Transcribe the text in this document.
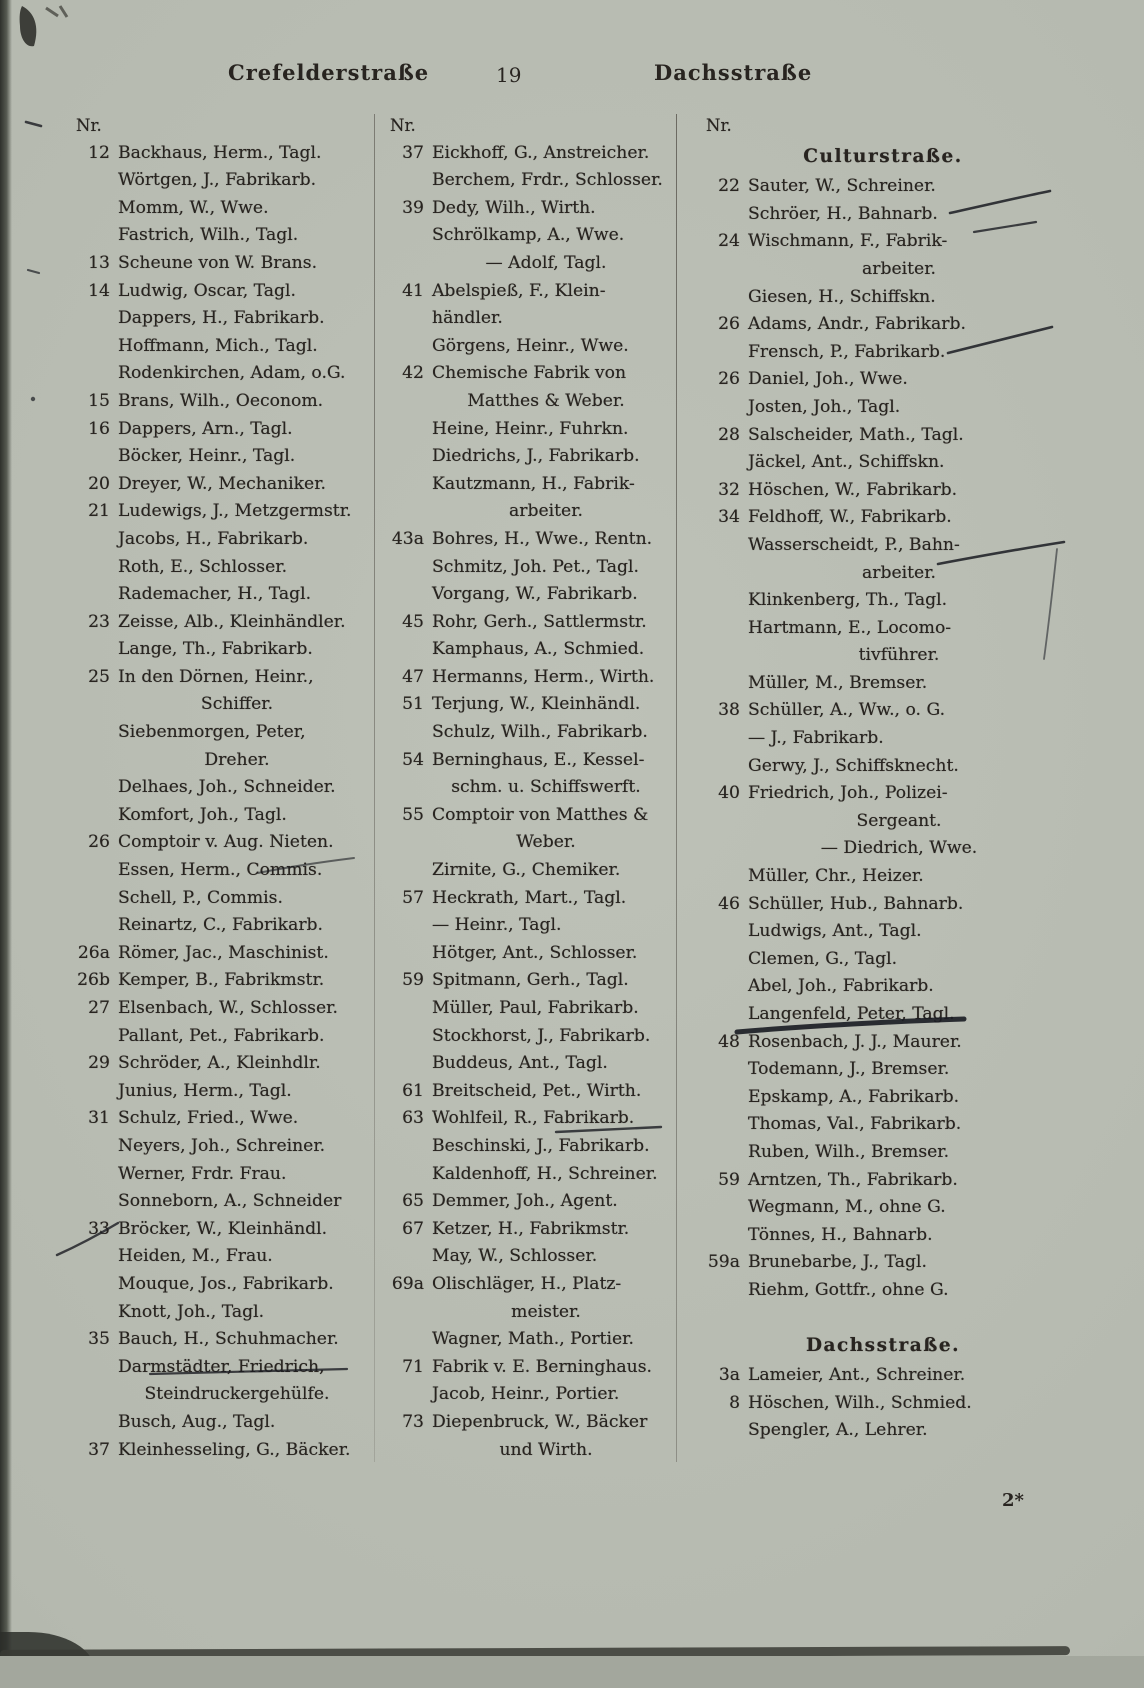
Crefelderstraße	19	Dachsstraße
Nr.
12 Backhaus, Herm., Tagl.
Wörtgen, J., Fabrikarb.
Momm, W., Wwe.
Fastrich, Wilh., Tagl.
13 Scheune von W. Brans.
14 Ludwig, Oscar, Tagl.
Dappers, H., Fabrikarb.
Hoffmann, Mich., Tagl.
Rodenkirchen, Adam, o.G.
15 Brans, Wilh., Oeconom.
16 Dappers, Arn., Tagl.
Böcker, Heinr., Tagl.
20 Dreyer, W., Mechaniker.
21 Ludewigs, J., Metzgermstr.
Jacobs, H., Fabrikarb.
Roth, E., Schlosser.
Rademacher, H., Tagl.
23 Zeisse, Alb., Kleinhändler.
Lange, Th., Fabrikarb.
25 In den Dörnen, Heinr.,
Schiffer.
Siebenmorgen, Peter,
Dreher.
Delhaes, Joh., Schneider.
Komfort, Joh., Tagl.
26 Comptoir v. Aug. Nieten.
Essen, Herm., Commis.
Schell, P., Commis.
Reinartz, C., Fabrikarb.
26a Römer, Jac., Maschinist.
26b Kemper, B., Fabrikmstr.
27 Elsenbach, W., Schlosser.
Pallant, Pet., Fabrikarb.
29 Schröder, A., Kleinhdlr.
Junius, Herm., Tagl.
31 Schulz, Fried., Wwe.
Neyers, Joh., Schreiner.
Werner, Frdr. Frau.
Sonneborn, A., Schneider
33 Bröcker, W., Kleinhändl.
Heiden, M., Frau.
Mouque, Jos., Fabrikarb.
Knott, Joh., Tagl.
35 Bauch, H., Schuhmacher.
Darmstädter, Friedrich,
Steindruckergehülfe.
Busch, Aug., Tagl.
37 Kleinhesseling, G., Bäcker.
Nr.
37 Eickhoff, G., Anstreicher.
Berchem, Frdr., Schlosser.
39 Dedy, Wilh., Wirth.
Schrölkamp, A., Wwe.
— Adolf, Tagl.
41 Abelspieß, F., Klein-
händler.
Görgens, Heinr., Wwe.
42 Chemische Fabrik von
Matthes & Weber.
Heine, Heinr., Fuhrkn.
Diedrichs, J., Fabrikarb.
Kautzmann, H., Fabrik-
arbeiter.
43a Bohres, H., Wwe., Rentn.
Schmitz, Joh. Pet., Tagl.
Vorgang, W., Fabrikarb.
45 Rohr, Gerh., Sattlermstr.
Kamphaus, A., Schmied.
47 Hermanns, Herm., Wirth.
51 Terjung, W., Kleinhändl.
Schulz, Wilh., Fabrikarb.
54 Berninghaus, E., Kessel-
schm. u. Schiffswerft.
55 Comptoir von Matthes &
Weber.
Zirnite, G., Chemiker.
57 Heckrath, Mart., Tagl.
— Heinr., Tagl.
Hötger, Ant., Schlosser.
59 Spitmann, Gerh., Tagl.
Müller, Paul, Fabrikarb.
Stockhorst, J., Fabrikarb.
Buddeus, Ant., Tagl.
61 Breitscheid, Pet., Wirth.
63 Wohlfeil, R., Fabrikarb.
Beschinski, J., Fabrikarb.
Kaldenhoff, H., Schreiner.
65 Demmer, Joh., Agent.
67 Ketzer, H., Fabrikmstr.
May, W., Schlosser.
69a Olischläger, H., Platz-
meister.
Wagner, Math., Portier.
71 Fabrik v. E. Berninghaus.
Jacob, Heinr., Portier.
73 Diepenbruck, W., Bäcker
und Wirth.
Nr.
Culturstraße.
22 Sauter, W., Schreiner.
Schröer, H., Bahnarb.
24 Wischmann, F., Fabrik-
arbeiter.
Giesen, H., Schiffskn.
26 Adams, Andr., Fabrikarb.
Frensch, P., Fabrikarb.
26 Daniel, Joh., Wwe.
Josten, Joh., Tagl.
28 Salscheider, Math., Tagl.
Jäckel, Ant., Schiffskn.
32 Höschen, W., Fabrikarb.
34 Feldhoff, W., Fabrikarb.
Wasserscheidt, P., Bahn-
arbeiter.
Klinkenberg, Th., Tagl.
Hartmann, E., Locomo-
tivführer.
Müller, M., Bremser.
38 Schüller, A., Ww., o. G.
— J., Fabrikarb.
Gerwy, J., Schiffsknecht.
40 Friedrich, Joh., Polizei-
Sergeant.
— Diedrich, Wwe.
Müller, Chr., Heizer.
46 Schüller, Hub., Bahnarb.
Ludwigs, Ant., Tagl.
Clemen, G., Tagl.
Abel, Joh., Fabrikarb.
Langenfeld, Peter, Tagl.
48 Rosenbach, J. J., Maurer.
Todemann, J., Bremser.
Epskamp, A., Fabrikarb.
Thomas, Val., Fabrikarb.
Ruben, Wilh., Bremser.
59 Arntzen, Th., Fabrikarb.
Wegmann, M., ohne G.
Tönnes, H., Bahnarb.
59a Brunebarbe, J., Tagl.
Riehm, Gottfr., ohne G.
Dachsstraße.
3a Lameier, Ant., Schreiner.
8 Höschen, Wilh., Schmied.
Spengler, A., Lehrer.
2*
